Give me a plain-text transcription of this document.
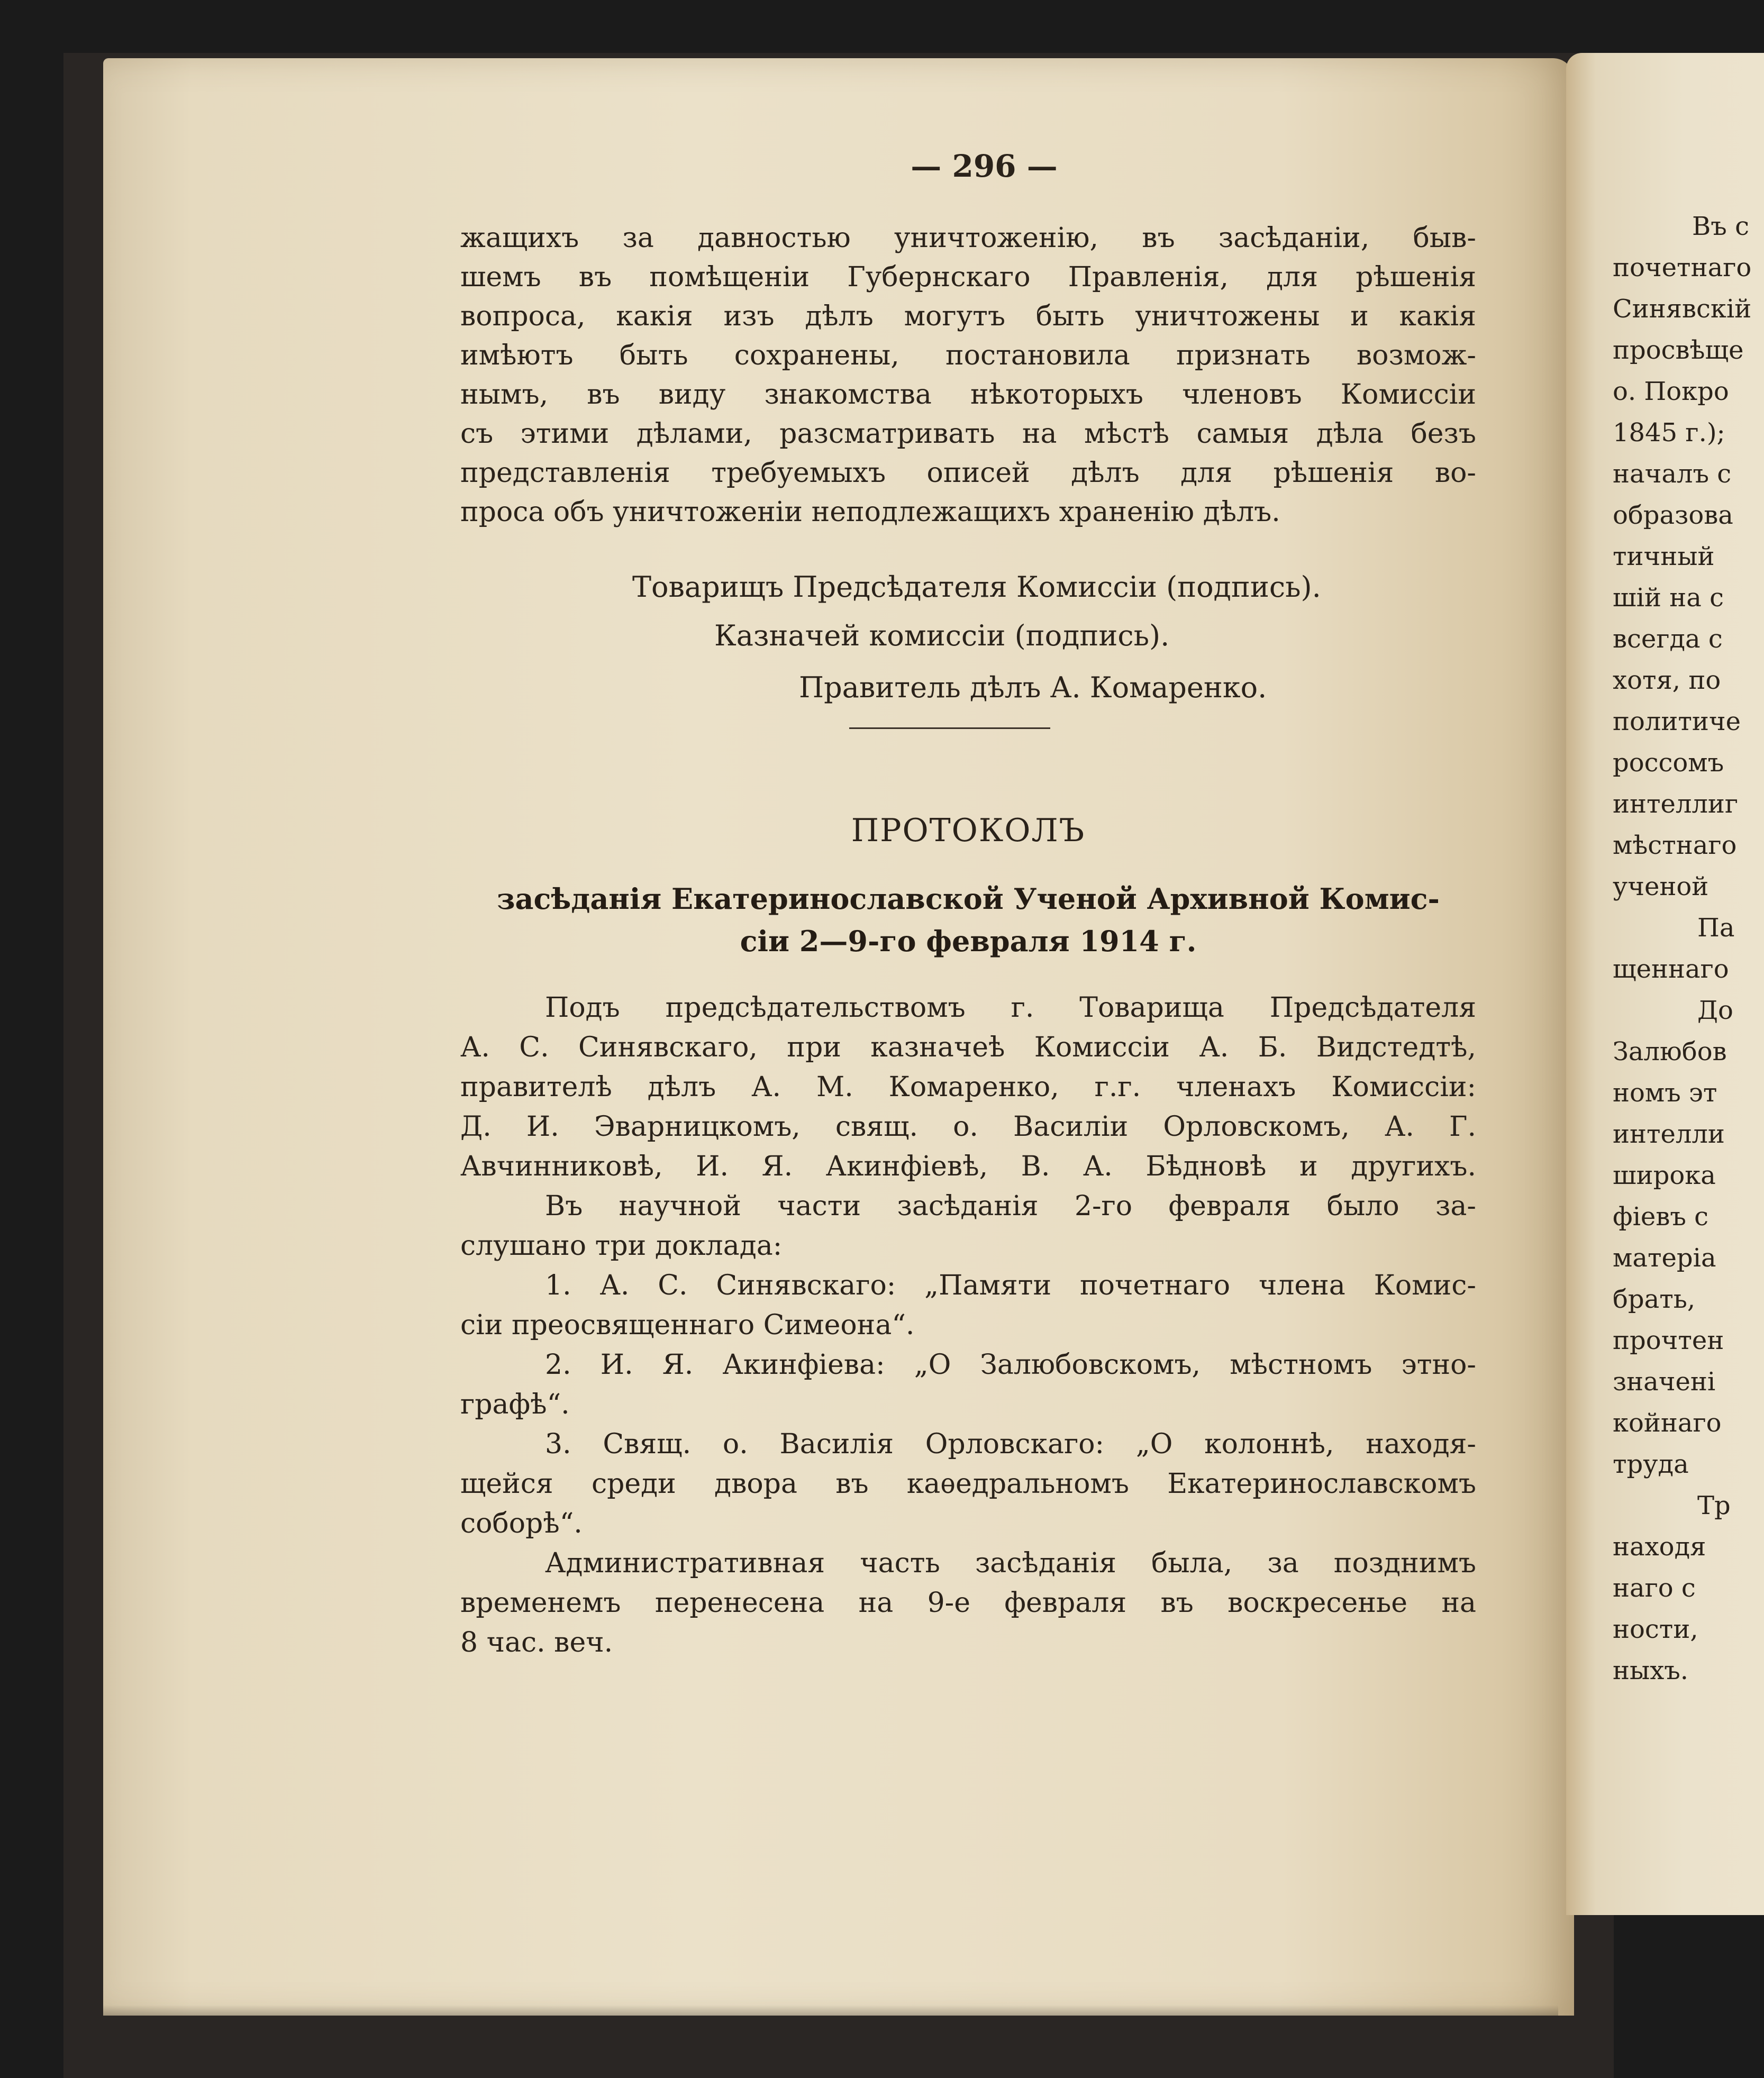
— 296 —
жащихъ за давностью уничтоженію, въ засѣданіи, быв-
шемъ въ помѣщеніи Губернскаго Правленія, для рѣшенія
вопроса, какія изъ дѣлъ могутъ быть уничтожены и какія
имѣютъ быть сохранены, постановила признать возмож-
нымъ, въ виду знакомства нѣкоторыхъ членовъ Комиссіи
съ этими дѣлами, разсматривать на мѣстѣ самыя дѣла безъ
представленія требуемыхъ описей дѣлъ для рѣшенія во-
проса объ уничтоженіи неподлежащихъ храненію дѣлъ.
Товарищъ Предсѣдателя Комиссіи (подпись).
Казначей комиссіи (подпись).
Правитель дѣлъ А. Комаренко.
ПРОТОКОЛЪ
засѣданія Екатеринославской Ученой Архивной Комис-
сіи 2—9-го февраля 1914 г.
Подъ предсѣдательствомъ г. Товарища Предсѣдателя
А. С. Синявскаго, при казначеѣ Комиссіи А. Б. Видстедтѣ,
правителѣ дѣлъ А. М. Комаренко, г.г. членахъ Комиссіи:
Д. И. Эварницкомъ, свящ. о. Василіи Орловскомъ, А. Г.
Авчинниковѣ, И. Я. Акинфіевѣ, В. А. Бѣдновѣ и другихъ.
Въ научной части засѣданія 2-го февраля было за-
слушано три доклада:
1. А. С. Синявскаго: „Памяти почетнаго члена Комис-
сіи преосвященнаго Симеона“.
2. И. Я. Акинфіева: „О Залюбовскомъ, мѣстномъ этно-
графѣ“.
3. Свящ. о. Василія Орловскаго: „О колоннѣ, находя-
щейся среди двора въ каѳедральномъ Екатеринославскомъ
соборѣ“.
Административная часть засѣданія была, за позднимъ
временемъ перенесена на 9-е февраля въ воскресенье на
8 час. веч.
Въ с
почетнаго
Синявскій
просвѣще
о. Покро
1845 г.);
началъ с
образова
тичный
шій на с
всегда с
хотя, по
политиче
россомъ
интеллиг
мѣстнаго
ученой
Па
щеннаго
До
Залюбов
номъ эт
интелли
широка
фіевъ с
матеріа
брать,
прочтен
значені
койнаго
труда
Тр
находя
наго с
ности,
ныхъ.
